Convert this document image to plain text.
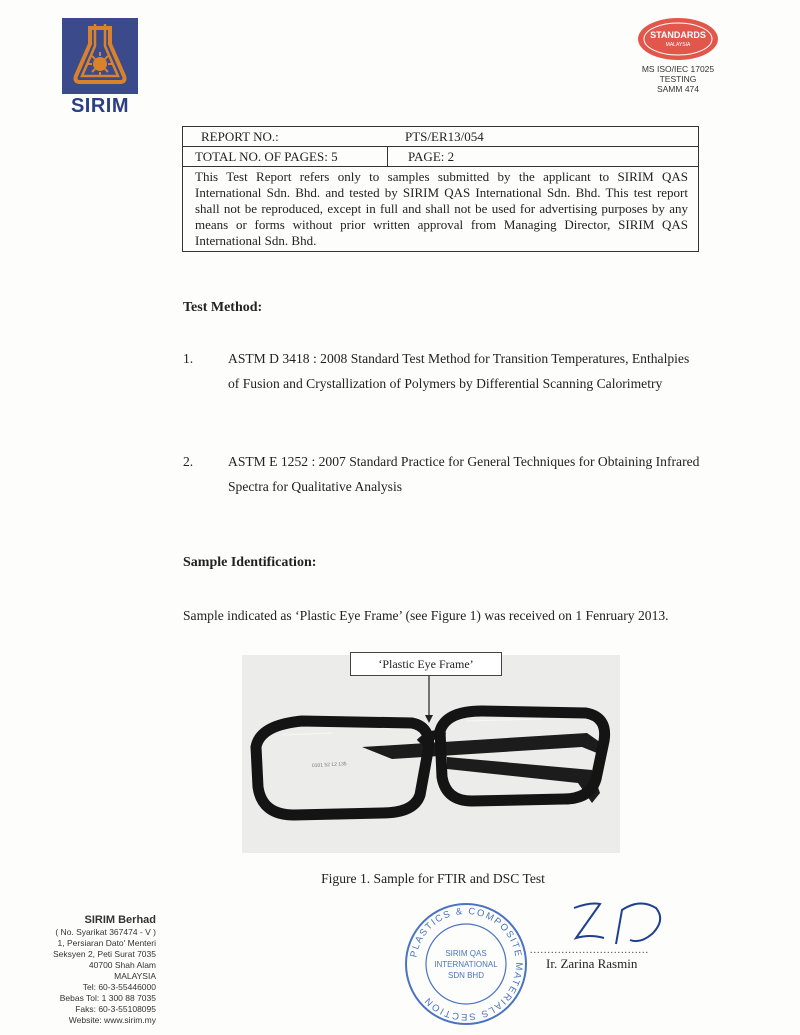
SIRIM
STANDARDS
MALAYSIA
MS ISO/IEC 17025
TESTING
SAMM 474
REPORT NO.:	PTS/ER13/054
TOTAL NO. OF PAGES: 5	PAGE: 2
This Test Report refers only to samples submitted by the applicant to SIRIM QAS International Sdn. Bhd. and tested by SIRIM QAS International Sdn. Bhd. This test report shall not be reproduced, except in full and shall not be used for advertising purposes by any means or forms without prior written approval from Managing Director, SIRIM QAS International Sdn. Bhd.
Test Method:
1.	ASTM D 3418 : 2008 Standard Test Method for Transition Temperatures, Enthalpies of Fusion and Crystallization of Polymers by Differential Scanning Calorimetry
2.	ASTM E 1252 : 2007 Standard Practice for General Techniques for Obtaining Infrared Spectra for Qualitative Analysis
Sample Identification:
Sample indicated as ‘Plastic Eye Frame’ (see Figure 1) was received on 1 Fenruary 2013.
0101 52 12 135
‘Plastic Eye Frame’
Figure 1. Sample for FTIR and DSC Test
SIRIM Berhad
( No. Syarikat 367474 - V )
1, Persiaran Dato' Menteri
Seksyen 2, Peti Surat 7035
40700 Shah Alam
MALAYSIA
Tel: 60-3-55446000
Bebas Tol: 1 300 88 7035
Faks: 60-3-55108095
Website: www.sirim.my
PLASTICS & COMPOSITE MATERIALS SECTION
SIRIM QAS
INTERNATIONAL
SDN BHD
..................................
Ir. Zarina Rasmin
